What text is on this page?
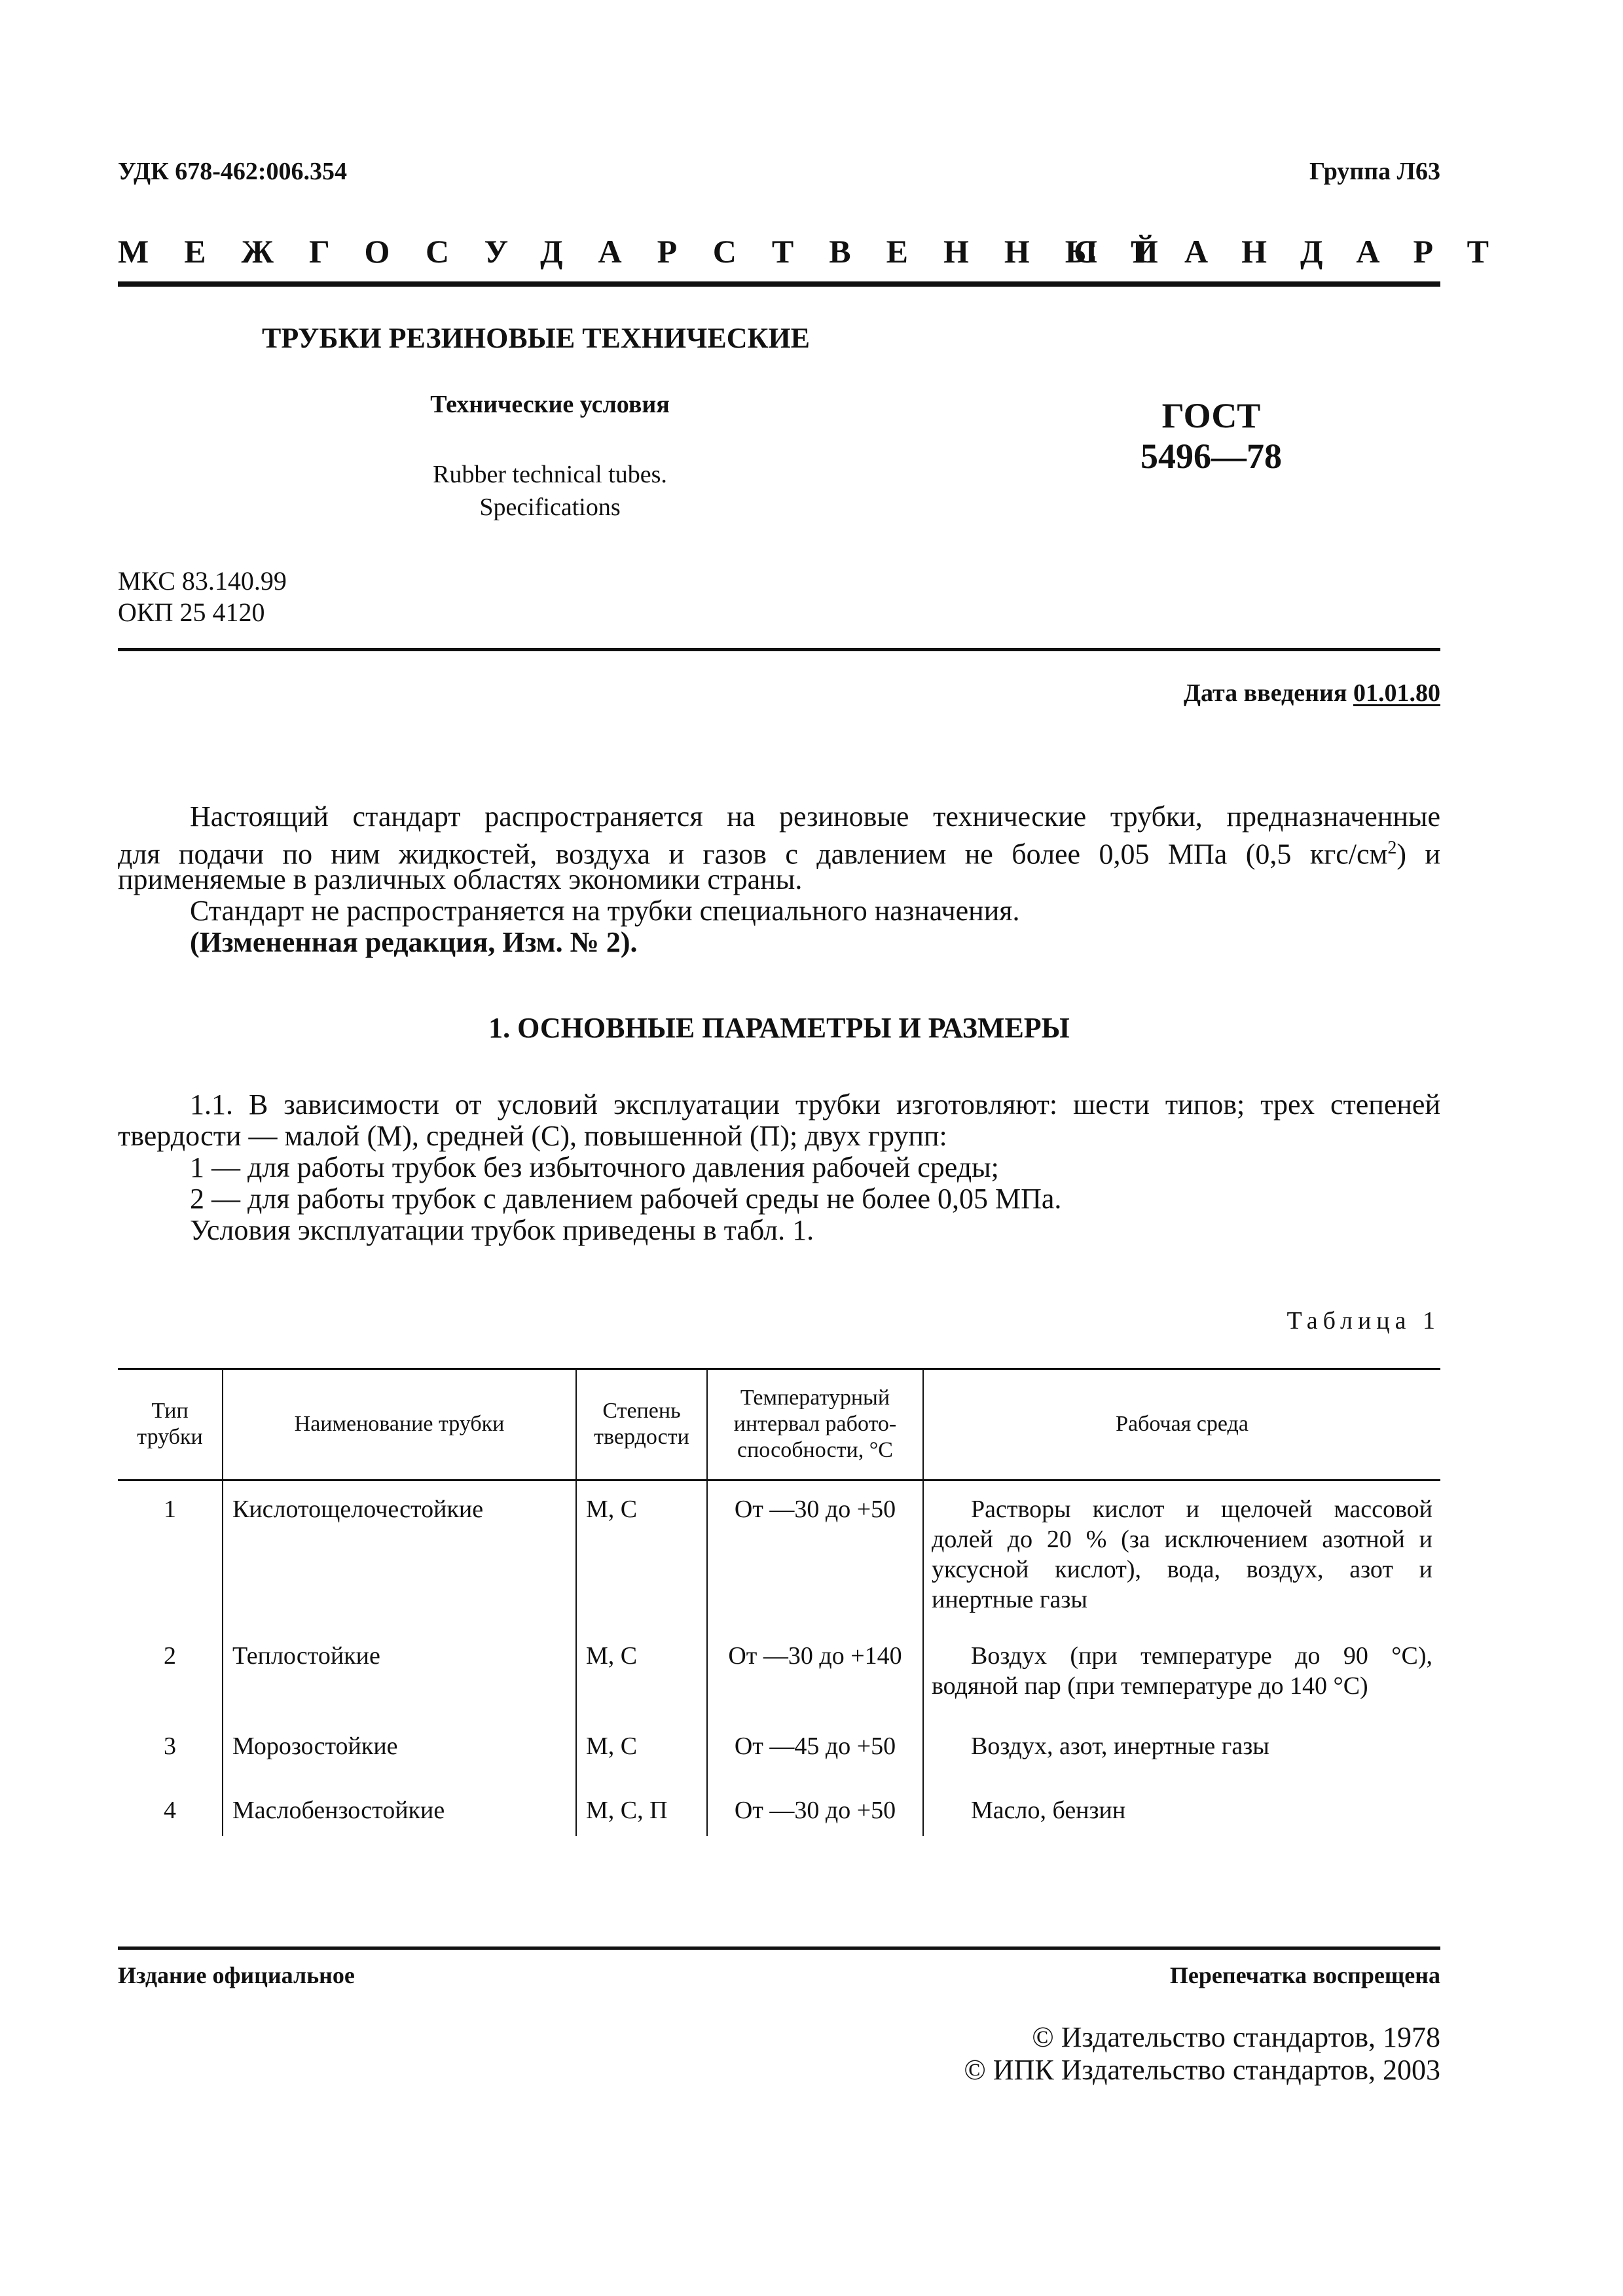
УДК 678-462:006.354	Группа Л63
МЕЖГОСУДАРСТВЕННЫЙ
СТАНДАРТ
ТРУБКИ РЕЗИНОВЫЕ ТЕХНИЧЕСКИЕ
Технические условия
Rubber technical tubes.
Specifications
ГОСТ
5496—78
МКС 83.140.99
ОКП 25 4120
Дата введения 01.01.80
Настоящий стандарт распространяется на резиновые технические трубки, предназначенные
для подачи по ним жидкостей, воздуха и газов с давлением не более 0,05 МПа (0,5 кгс/$см^2$) и
применяемые в различных областях экономики страны.
Стандарт не распространяется на трубки специального назначения.
(Измененная редакция, Изм. № 2).
1. ОСНОВНЫЕ ПАРАМЕТРЫ И РАЗМЕРЫ
1.1. В зависимости от условий эксплуатации трубки изготовляют: шести типов; трех степеней
твердости — малой (М), средней (С), повышенной (П); двух групп:
1 — для работы трубок без избыточного давления рабочей среды;
2 — для работы трубок с давлением рабочей среды не более 0,05 МПа.
Условия эксплуатации трубок приведены в табл. 1.
Таблица 1
Тип трубки	Наименование трубки	Степень твердости	Температурный интервал работо-способности, °С	Рабочая среда
1	Кислотощелочестойкие	М, С	От —30 до +50	Растворы кислот и щелочей массовой долей до 20 % (за исключением азотной и уксусной кислот), вода, воздух, азот и инертные газы
2	Теплостойкие	М, С	От —30 до +140	Воздух (при температуре до 90 °С), водяной пар (при температуре до 140 °С)
3	Морозостойкие	М, С	От —45 до +50	Воздух, азот, инертные газы
4	Маслобензостойкие	М, С, П	От —30 до +50	Масло, бензин
Издание официальное	Перепечатка воспрещена
© Издательство стандартов, 1978
© ИПК Издательство стандартов, 2003
